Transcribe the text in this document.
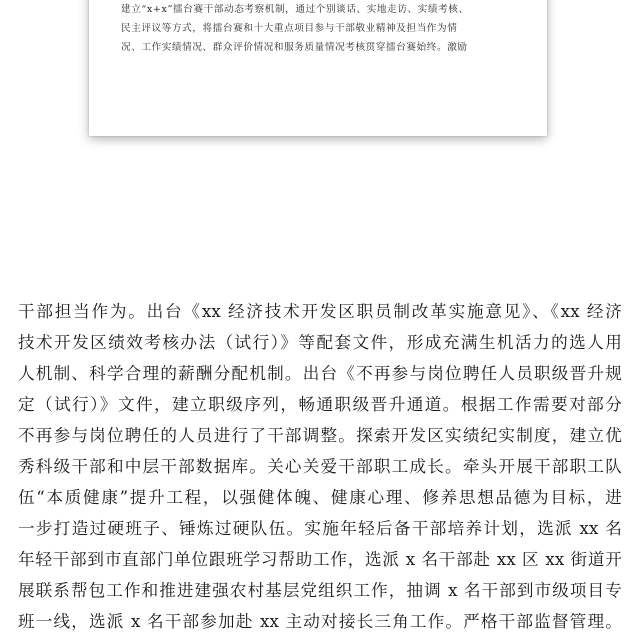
建立“x+x”擂台赛干部动态考察机制，通过个别谈话、实地走访、实绩考核、
民主评议等方式，将擂台赛和十大重点项目参与干部敬业精神及担当作为情
况、工作实绩情况、群众评价情况和服务质量情况考核贯穿擂台赛始终。激励
干部担当作为。出台《xx 经济技术开发区职员制改革实施意见》、《xx 经济
技术开发区绩效考核办法（试行）》等配套文件，形成充满生机活力的选人用
人机制、科学合理的薪酬分配机制。出台《不再参与岗位聘任人员职级晋升规
定（试行）》文件，建立职级序列，畅通职级晋升通道。根据工作需要对部分
不再参与岗位聘任的人员进行了干部调整。探索开发区实绩纪实制度，建立优
秀科级干部和中层干部数据库。关心关爱干部职工成长。牵头开展干部职工队
伍“本质健康”提升工程，以强健体魄、健康心理、修养思想品德为目标，进
一步打造过硬班子、锤炼过硬队伍。实施年轻后备干部培养计划，选派 xx 名
年轻干部到市直部门单位跟班学习帮助工作，选派 x 名干部赴 xx 区 xx 街道开
展联系帮包工作和推进建强农村基层党组织工作，抽调 x 名干部到市级项目专
班一线，选派 x 名干部参加赴 xx 主动对接长三角工作。严格干部监督管理。
